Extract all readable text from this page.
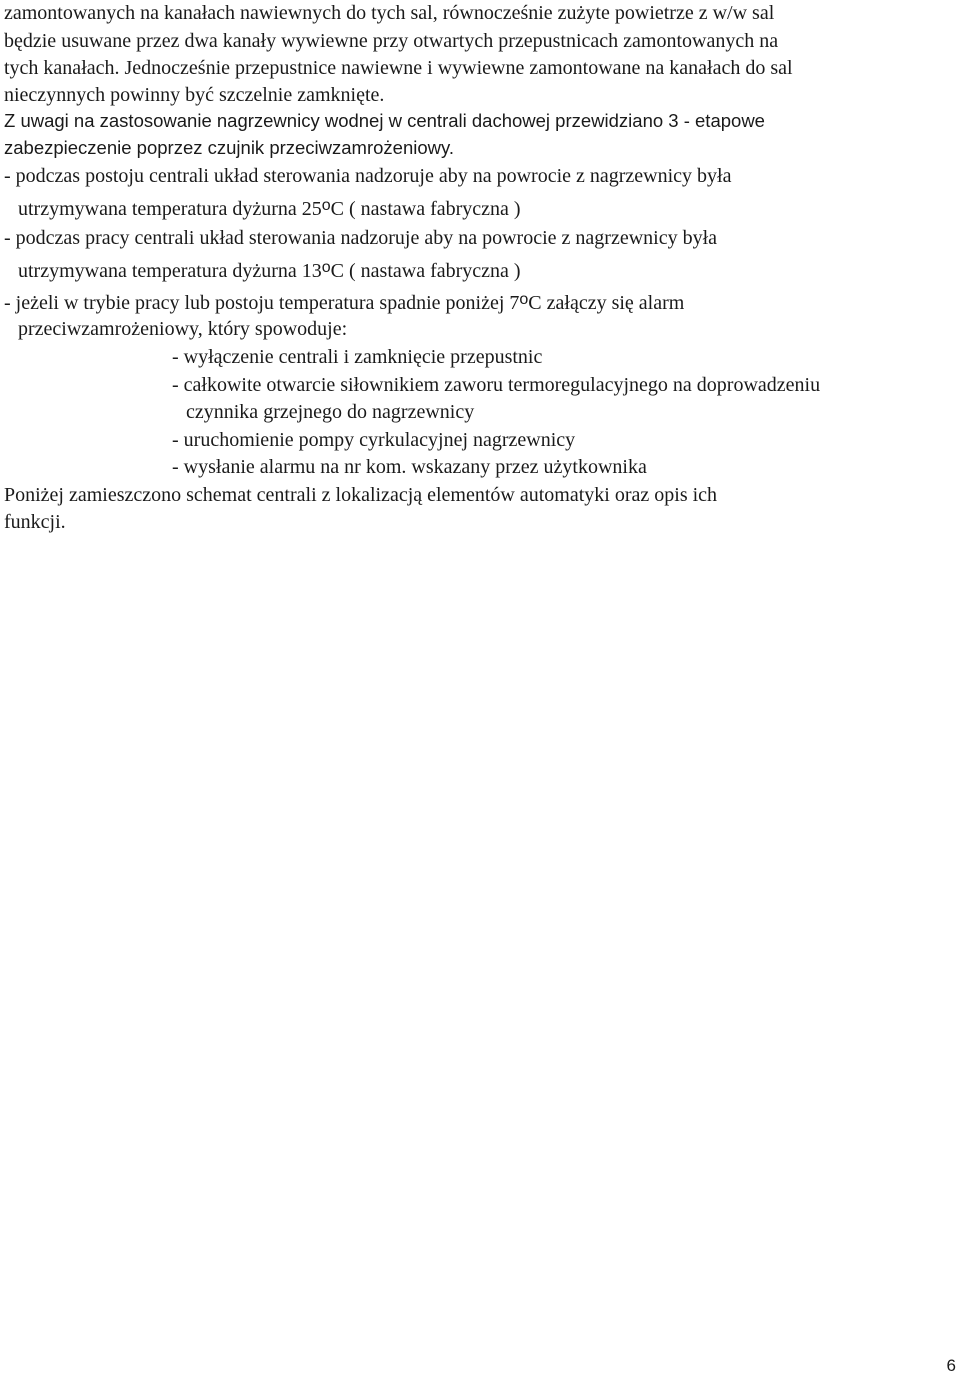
zamontowanych na kanałach nawiewnych do tych sal, równocześnie zużyte powietrze z w/w sal
będzie usuwane przez dwa kanały wywiewne przy otwartych przepustnicach zamontowanych na
tych kanałach. Jednocześnie przepustnice nawiewne i wywiewne zamontowane na kanałach do sal
nieczynnych powinny być szczelnie zamknięte.
Z uwagi na zastosowanie nagrzewnicy wodnej w centrali dachowej przewidziano 3 - etapowe
zabezpieczenie poprzez czujnik przeciwzamrożeniowy.
- podczas postoju centrali układ sterowania nadzoruje aby na powrocie z nagrzewnicy była
utrzymywana temperatura dyżurna 25$^o$C ( nastawa fabryczna )
- podczas pracy centrali układ sterowania nadzoruje aby na powrocie z nagrzewnicy była
utrzymywana temperatura dyżurna 13$^o$C ( nastawa fabryczna )
- jeżeli w trybie pracy lub postoju temperatura spadnie poniżej 7$^o$C załączy się alarm
przeciwzamrożeniowy, który spowoduje:
- wyłączenie centrali i zamknięcie przepustnic
- całkowite otwarcie siłownikiem zaworu termoregulacyjnego na doprowadzeniu
czynnika grzejnego do nagrzewnicy
- uruchomienie pompy cyrkulacyjnej nagrzewnicy
- wysłanie alarmu na nr kom. wskazany przez użytkownika
Poniżej zamieszczono schemat centrali z lokalizacją elementów automatyki oraz opis ich
funkcji.
6
